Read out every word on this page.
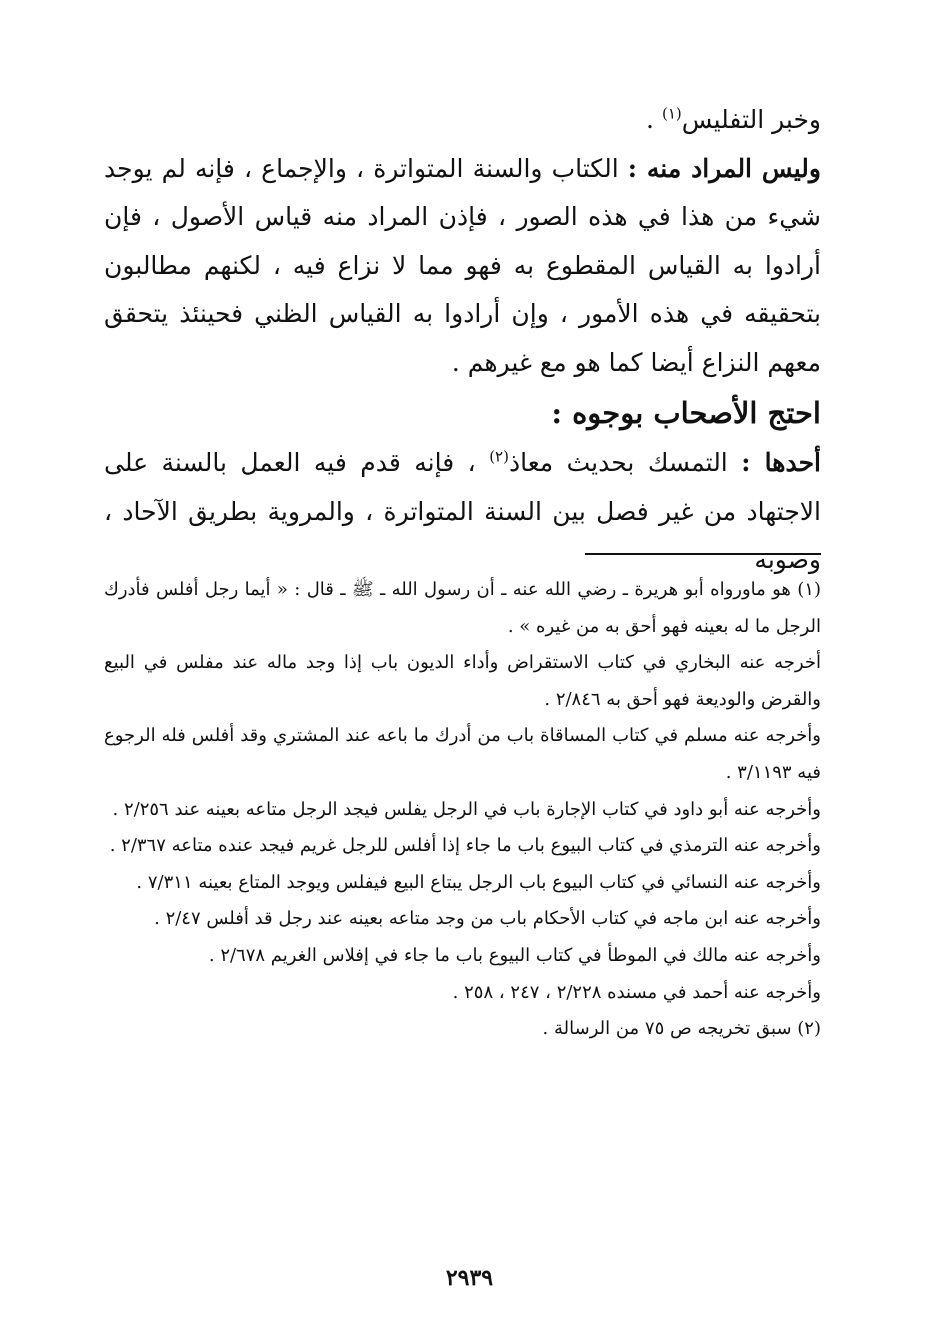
وخبر التفليس$^{(١)}$ .

وليس المراد منه : الكتاب والسنة المتواترة ، والإجماع ، فإنه لم يوجد شيء من هذا في هذه الصور ، فإذن المراد منه قياس الأصول ، فإن أرادوا به القياس المقطوع به فهو مما لا نزاع فيه ، لكنهم مطالبون بتحقيقه في هذه الأمور ، وإن أرادوا به القياس الظني فحينئذ يتحقق معهم النزاع أيضا كما هو مع غيرهم .

احتج الأصحاب بوجوه :

أحدها : التمسك بحديث معاذ$^{(٢)}$ ، فإنه قدم فيه العمل بالسنة على الاجتهاد من غير فصل بين السنة المتواترة ، والمروية بطريق الآحاد ، وصوبه

(١) هو ماورواه أبو هريرة ـ رضي الله عنه ـ أن رسول الله ـ ﷺ ـ قال : « أيما رجل أفلس فأدرك الرجل ما له بعينه فهو أحق به من غيره » .

أخرجه عنه البخاري في كتاب الاستقراض وأداء الديون باب إذا وجد ماله عند مفلس في البيع والقرض والوديعة فهو أحق به ٢/٨٤٦ .

وأخرجه عنه مسلم في كتاب المساقاة باب من أدرك ما باعه عند المشتري وقد أفلس فله الرجوع فيه ٣/١١٩٣ .

وأخرجه عنه أبو داود في كتاب الإجارة باب في الرجل يفلس فيجد الرجل متاعه بعينه عند ٢/٢٥٦ .

وأخرجه عنه الترمذي في كتاب البيوع باب ما جاء إذا أفلس للرجل غريم فيجد عنده متاعه ٢/٣٦٧ .

وأخرجه عنه النسائي في كتاب البيوع باب الرجل يبتاع البيع فيفلس ويوجد المتاع بعينه ٧/٣١١ .

وأخرجه عنه ابن ماجه في كتاب الأحكام باب من وجد متاعه بعينه عند رجل قد أفلس ٢/٤٧ .

وأخرجه عنه مالك في الموطأ في كتاب البيوع باب ما جاء في إفلاس الغريم ٢/٦٧٨ .

وأخرجه عنه أحمد في مسنده ٢/٢٢٨ ، ٢٤٧ ، ٢٥٨ .

(٢) سبق تخريجه ص ٧٥ من الرسالة .

٢٩٣٩
